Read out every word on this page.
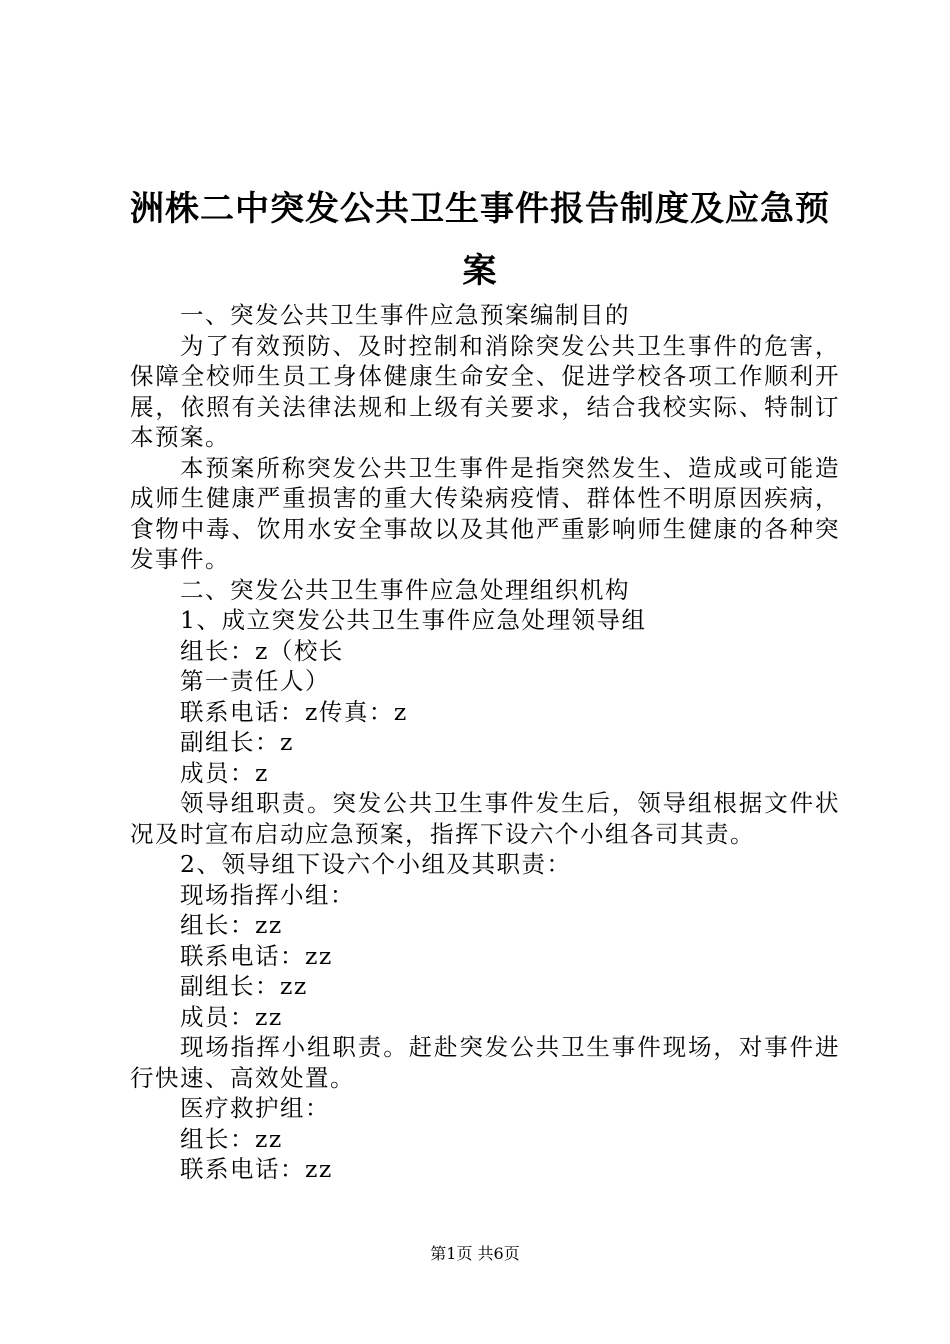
洲株二中突发公共卫生事件报告制度及应急预案

一、突发公共卫生事件应急预案编制目的

为了有效预防、及时控制和消除突发公共卫生事件的危害，保障全校师生员工身体健康生命安全、促进学校各项工作顺利开展，依照有关法律法规和上级有关要求，结合我校实际、特制订本预案。

本预案所称突发公共卫生事件是指突然发生、造成或可能造成师生健康严重损害的重大传染病疫情、群体性不明原因疾病，食物中毒、饮用水安全事故以及其他严重影响师生健康的各种突发事件。

二、突发公共卫生事件应急处理组织机构

1、成立突发公共卫生事件应急处理领导组

组长：z（校长

第一责任人）

联系电话：z传真：z

副组长：z

成员：z

领导组职责。突发公共卫生事件发生后，领导组根据文件状况及时宣布启动应急预案，指挥下设六个小组各司其责。

2、领导组下设六个小组及其职责：

现场指挥小组：

组长：zz

联系电话：zz

副组长：zz

成员：zz

现场指挥小组职责。赶赴突发公共卫生事件现场，对事件进行快速、高效处置。

医疗救护组：

组长：zz

联系电话：zz

第1页 共6页
